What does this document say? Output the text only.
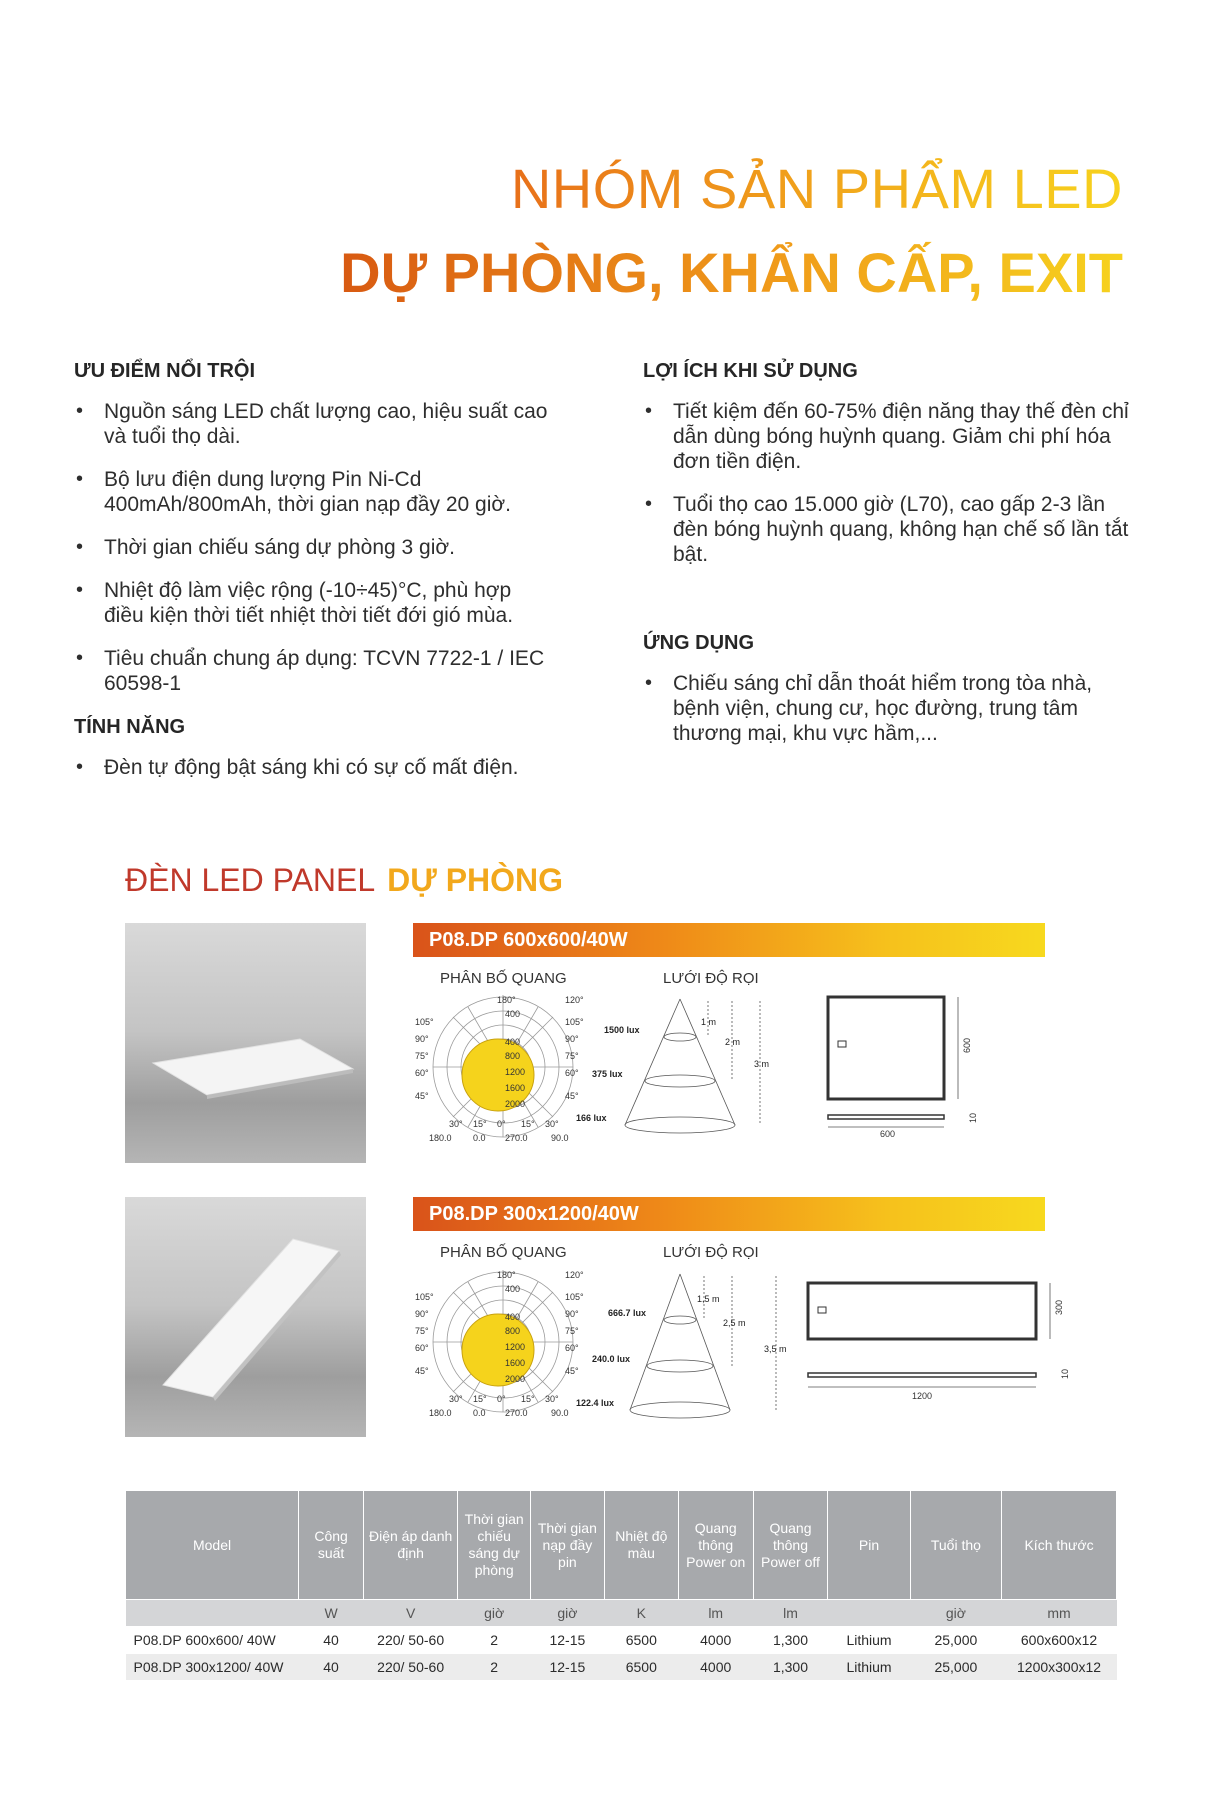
NHÓM SẢN PHẨM LED
DỰ PHÒNG, KHẨN CẤP, EXIT
ƯU ĐIỂM NỔI TRỘI
• Nguồn sáng LED chất lượng cao, hiệu suất cao và tuổi thọ dài.
• Bộ lưu điện dung lượng Pin Ni-Cd 400mAh/800mAh, thời gian nạp đầy 20 giờ.
• Thời gian chiếu sáng dự phòng 3 giờ.
• Nhiệt độ làm việc rộng (-10÷45)°C, phù hợp điều kiện thời tiết nhiệt thời tiết đới gió mùa.
• Tiêu chuẩn chung áp dụng: TCVN 7722-1 / IEC 60598-1
TÍNH NĂNG
• Đèn tự động bật sáng khi có sự cố mất điện.
LỢI ÍCH KHI SỬ DỤNG
• Tiết kiệm đến 60-75% điện năng thay thế đèn chỉ dẫn dùng bóng huỳnh quang. Giảm chi phí hóa đơn tiền điện.
• Tuổi thọ cao 15.000 giờ (L70), cao gấp 2-3 lần đèn bóng huỳnh quang, không hạn chế số lần tắt bật.
ỨNG DỤNG
• Chiếu sáng chỉ dẫn thoát hiểm trong tòa nhà, bệnh viện, chung cư, học đường, trung tâm thương mại, khu vực hầm,...
ĐÈN LED PANEL DỰ PHÒNG
P08.DP 600x600/40W
PHÂN BỐ QUANG	LƯỚI ĐỘ RỌI
180°
105°
90°
75°
60°
45°
120°
105°
90°
75°
60°
45°
400
400
800
1200
1600
2000
30° 15° 0° 15° 30°
180.0 0.0 270.0	90.0
1500 lux
375 lux
166 lux
1 m
2 m
3 m
600
600
10
P08.DP 300x1200/40W
PHÂN BỐ QUANG	LƯỚI ĐỘ RỌI
180°
105°
90°
75°
60°
45°
120°
105°
90°
75°
60°
45°
400
400
800
1200
1600
2000
30° 15° 0° 15° 30°
180.0 0.0 270.0	90.0
666.7 lux
240.0 lux
122.4 lux
1,5 m
2,5 m
3,5 m
1200
300
10
Model	Công suất	Điện áp danh định	Thời gian chiếu sáng dự phòng	Thời gian nạp đầy pin	Nhiệt độ màu	Quang thông Power on	Quang thông Power off	Pin	Tuổi thọ	Kích thước
	W	V	giờ	giờ	K	lm	lm		giờ	mm
P08.DP 600x600/ 40W	40	220/ 50-60	2	12-15	6500	4000	1,300	Lithium	25,000	600x600x12
P08.DP 300x1200/ 40W	40	220/ 50-60	2	12-15	6500	4000	1,300	Lithium	25,000	1200x300x12
